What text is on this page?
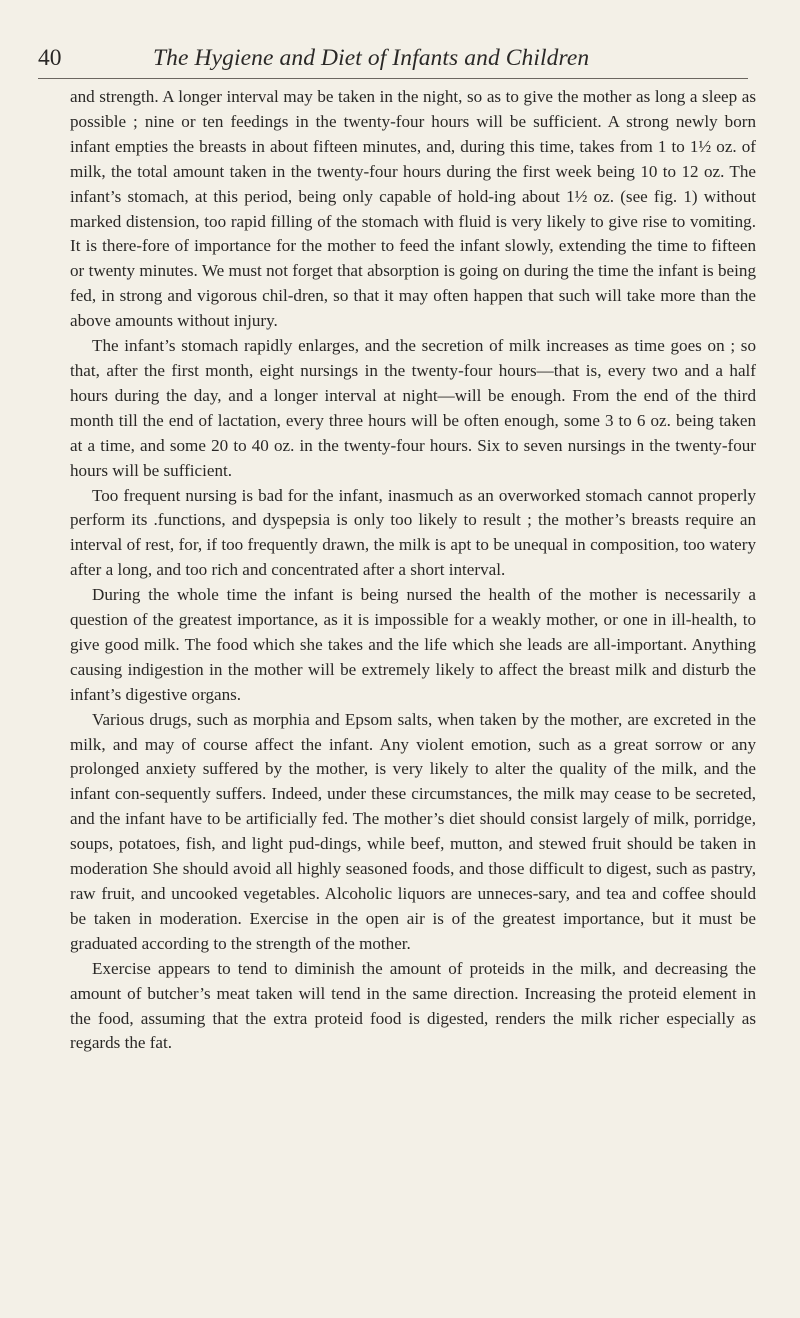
40	The Hygiene and Diet of Infants and Children

and strength. A longer interval may be taken in the night, so as to give the mother as long a sleep as possible ; nine or ten feedings in the twenty-four hours will be sufficient. A strong newly born infant empties the breasts in about fifteen minutes, and, during this time, takes from 1 to 1½ oz. of milk, the total amount taken in the twenty-four hours during the first week being 10 to 12 oz. The infant’s stomach, at this period, being only capable of hold-ing about 1½ oz. (see fig. 1) without marked distension, too rapid filling of the stomach with fluid is very likely to give rise to vomiting. It is there-fore of importance for the mother to feed the infant slowly, extending the time to fifteen or twenty minutes. We must not forget that absorption is going on during the time the infant is being fed, in strong and vigorous chil-dren, so that it may often happen that such will take more than the above amounts without injury.

The infant’s stomach rapidly enlarges, and the secretion of milk increases as time goes on ; so that, after the first month, eight nursings in the twenty-four hours—that is, every two and a half hours during the day, and a longer interval at night—will be enough. From the end of the third month till the end of lactation, every three hours will be often enough, some 3 to 6 oz. being taken at a time, and some 20 to 40 oz. in the twenty-four hours. Six to seven nursings in the twenty-four hours will be sufficient.

Too frequent nursing is bad for the infant, inasmuch as an overworked stomach cannot properly perform its .functions, and dyspepsia is only too likely to result ; the mother’s breasts require an interval of rest, for, if too frequently drawn, the milk is apt to be unequal in composition, too watery after a long, and too rich and concentrated after a short interval.

During the whole time the infant is being nursed the health of the mother is necessarily a question of the greatest importance, as it is impossible for a weakly mother, or one in ill-health, to give good milk. The food which she takes and the life which she leads are all-important. Anything causing indigestion in the mother will be extremely likely to affect the breast milk and disturb the infant’s digestive organs.

Various drugs, such as morphia and Epsom salts, when taken by the mother, are excreted in the milk, and may of course affect the infant. Any violent emotion, such as a great sorrow or any prolonged anxiety suffered by the mother, is very likely to alter the quality of the milk, and the infant con-sequently suffers. Indeed, under these circumstances, the milk may cease to be secreted, and the infant have to be artificially fed. The mother’s diet should consist largely of milk, porridge, soups, potatoes, fish, and light pud-dings, while beef, mutton, and stewed fruit should be taken in moderation She should avoid all highly seasoned foods, and those difficult to digest, such as pastry, raw fruit, and uncooked vegetables. Alcoholic liquors are unneces-sary, and tea and coffee should be taken in moderation. Exercise in the open air is of the greatest importance, but it must be graduated according to the strength of the mother.

Exercise appears to tend to diminish the amount of proteids in the milk, and decreasing the amount of butcher’s meat taken will tend in the same direction. Increasing the proteid element in the food, assuming that the extra proteid food is digested, renders the milk richer especially as regards the fat.
